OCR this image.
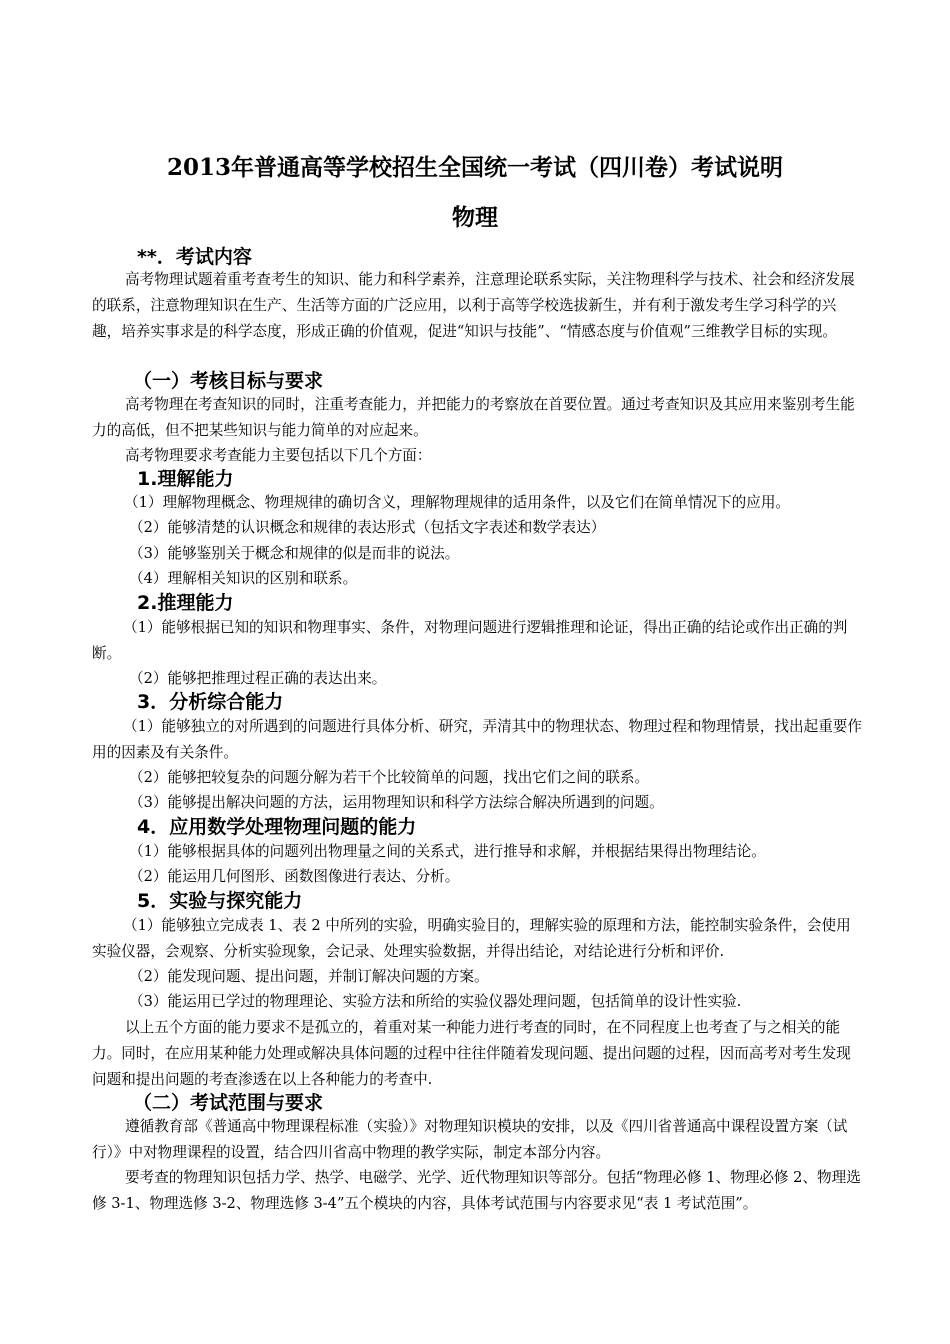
2013年普通高等学校招生全国统一考试（四川卷）考试说明
物理
**．考试内容
高考物理试题着重考查考生的知识、能力和科学素养，注意理论联系实际，关注物理科学与技术、社会和经济发展的联系，注意物理知识在生产、生活等方面的广泛应用，以利于高等学校选拔新生，并有利于激发考生学习科学的兴趣，培养实事求是的科学态度，形成正确的价值观，促进“知识与技能”、“情感态度与价值观”三维教学目标的实现。
（一）考核目标与要求
高考物理在考查知识的同时，注重考查能力，并把能力的考察放在首要位置。通过考查知识及其应用来鉴别考生能力的高低，但不把某些知识与能力简单的对应起来。
高考物理要求考查能力主要包括以下几个方面：
1.理解能力
（1）理解物理概念、物理规律的确切含义，理解物理规律的适用条件，以及它们在简单情况下的应用。
（2）能够清楚的认识概念和规律的表达形式（包括文字表述和数学表达）
（3）能够鉴别关于概念和规律的似是而非的说法。
（4）理解相关知识的区别和联系。
2.推理能力
（1）能够根据已知的知识和物理事实、条件，对物理问题进行逻辑推理和论证，得出正确的结论或作出正确的判断。
（2）能够把推理过程正确的表达出来。
3．分析综合能力
（1）能够独立的对所遇到的问题进行具体分析、研究，弄清其中的物理状态、物理过程和物理情景，找出起重要作用的因素及有关条件。
（2）能够把较复杂的问题分解为若干个比较简单的问题，找出它们之间的联系。
（3）能够提出解决问题的方法，运用物理知识和科学方法综合解决所遇到的问题。
4．应用数学处理物理问题的能力
（1）能够根据具体的问题列出物理量之间的关系式，进行推导和求解，并根据结果得出物理结论。
（2）能运用几何图形、函数图像进行表达、分析。
5．实验与探究能力
（1）能够独立完成表 1、表 2 中所列的实验，明确实验目的，理解实验的原理和方法，能控制实验条件，会使用实验仪器，会观察、分析实验现象，会记录、处理实验数据，并得出结论，对结论进行分析和评价.
（2）能发现问题、提出问题，并制订解决问题的方案。
（3）能运用已学过的物理理论、实验方法和所给的实验仪器处理问题，包括简单的设计性实验.
以上五个方面的能力要求不是孤立的，着重对某一种能力进行考查的同时，在不同程度上也考查了与之相关的能力。同时，在应用某种能力处理或解决具体问题的过程中往往伴随着发现问题、提出问题的过程，因而高考对考生发现问题和提出问题的考查渗透在以上各种能力的考查中.
（二）考试范围与要求
遵循教育部《普通高中物理课程标准（实验）》对物理知识模块的安排，以及《四川省普通高中课程设置方案（试行）》中对物理课程的设置，结合四川省高中物理的教学实际，制定本部分内容。
要考查的物理知识包括力学、热学、电磁学、光学、近代物理知识等部分。包括“物理必修 1、物理必修 2、物理选修 3-1、物理选修 3-2、物理选修 3-4”五个模块的内容，具体考试范围与内容要求见“表 1 考试范围”。
